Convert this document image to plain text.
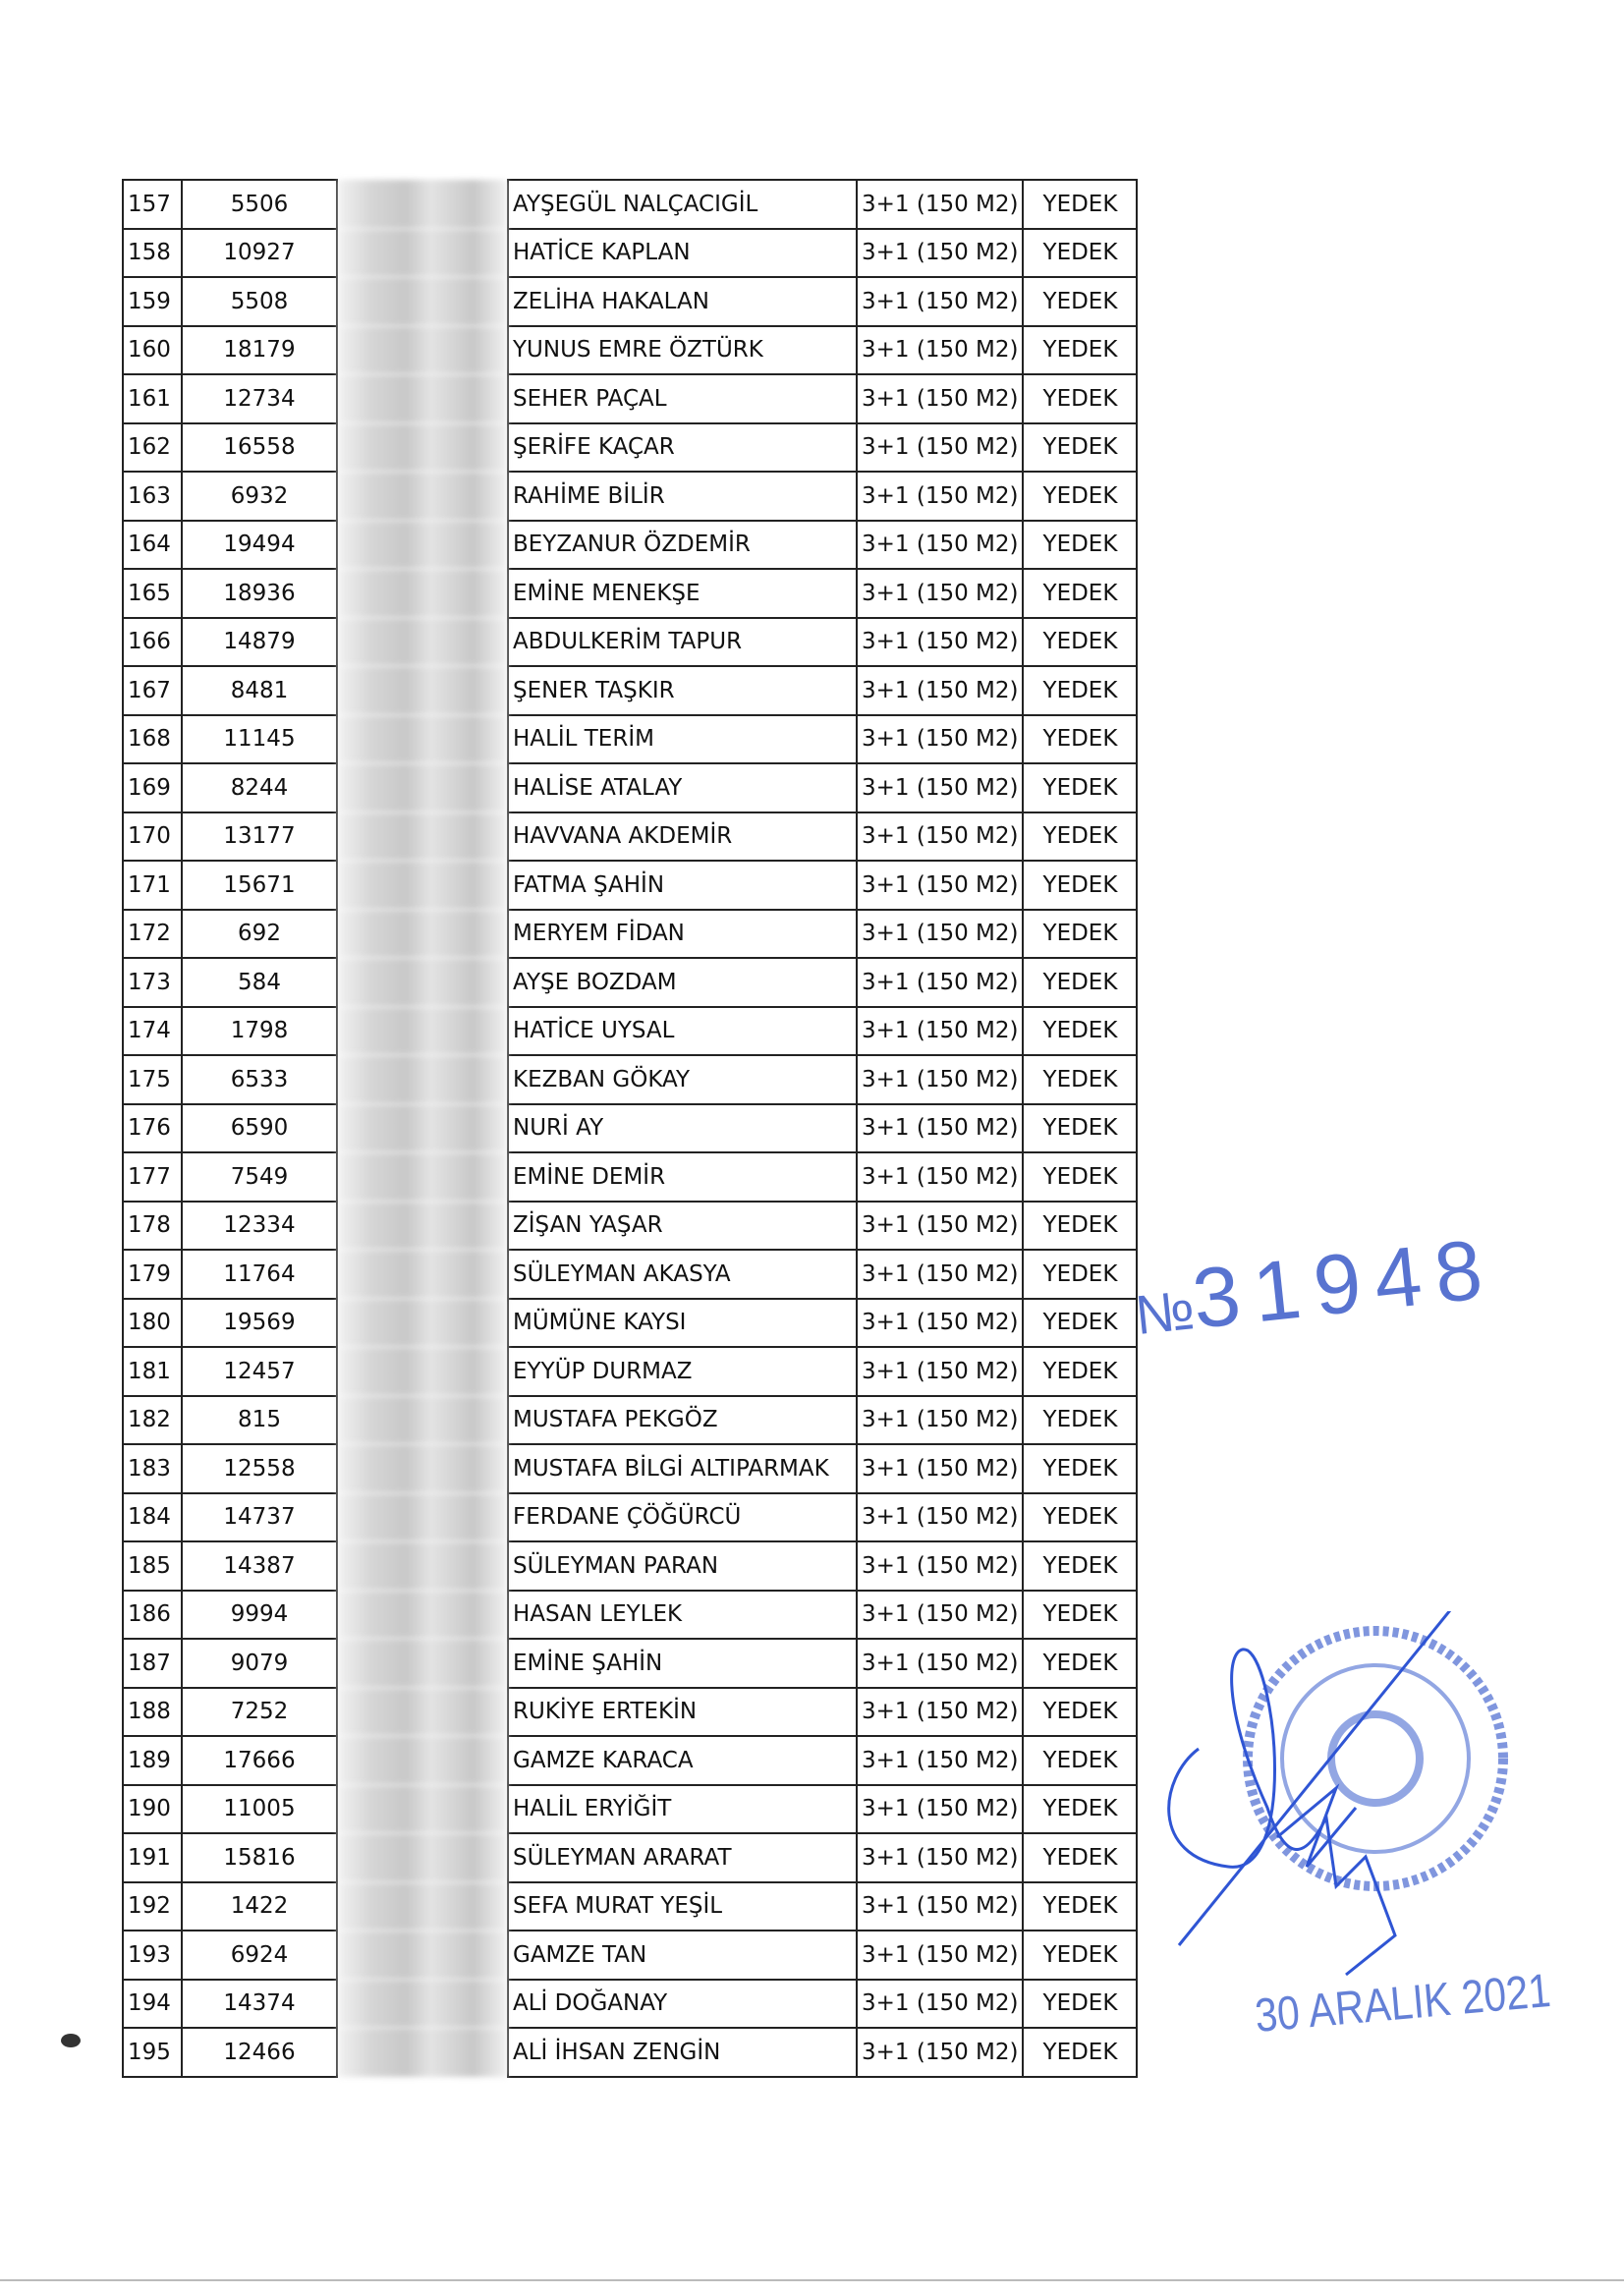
157	5506		AYŞEGÜL NALÇACIGİL	3+1 (150 M2)	YEDEK
158	10927		HATİCE KAPLAN	3+1 (150 M2)	YEDEK
159	5508		ZELİHA HAKALAN	3+1 (150 M2)	YEDEK
160	18179		YUNUS EMRE ÖZTÜRK	3+1 (150 M2)	YEDEK
161	12734		SEHER PAÇAL	3+1 (150 M2)	YEDEK
162	16558		ŞERİFE KAÇAR	3+1 (150 M2)	YEDEK
163	6932		RAHİME BİLİR	3+1 (150 M2)	YEDEK
164	19494		BEYZANUR ÖZDEMİR	3+1 (150 M2)	YEDEK
165	18936		EMİNE MENEKŞE	3+1 (150 M2)	YEDEK
166	14879		ABDULKERİM TAPUR	3+1 (150 M2)	YEDEK
167	8481		ŞENER TAŞKIR	3+1 (150 M2)	YEDEK
168	11145		HALİL TERİM	3+1 (150 M2)	YEDEK
169	8244		HALİSE ATALAY	3+1 (150 M2)	YEDEK
170	13177		HAVVANA AKDEMİR	3+1 (150 M2)	YEDEK
171	15671		FATMA ŞAHİN	3+1 (150 M2)	YEDEK
172	692		MERYEM FİDAN	3+1 (150 M2)	YEDEK
173	584		AYŞE BOZDAM	3+1 (150 M2)	YEDEK
174	1798		HATİCE UYSAL	3+1 (150 M2)	YEDEK
175	6533		KEZBAN GÖKAY	3+1 (150 M2)	YEDEK
176	6590		NURİ AY	3+1 (150 M2)	YEDEK
177	7549		EMİNE DEMİR	3+1 (150 M2)	YEDEK
178	12334		ZİŞAN YAŞAR	3+1 (150 M2)	YEDEK
179	11764		SÜLEYMAN AKASYA	3+1 (150 M2)	YEDEK
180	19569		MÜMÜNE KAYSI	3+1 (150 M2)	YEDEK
181	12457		EYYÜP DURMAZ	3+1 (150 M2)	YEDEK
182	815		MUSTAFA PEKGÖZ	3+1 (150 M2)	YEDEK
183	12558		MUSTAFA BİLGİ ALTIPARMAK	3+1 (150 M2)	YEDEK
184	14737		FERDANE ÇÖĞÜRCÜ	3+1 (150 M2)	YEDEK
185	14387		SÜLEYMAN PARAN	3+1 (150 M2)	YEDEK
186	9994		HASAN LEYLEK	3+1 (150 M2)	YEDEK
187	9079		EMİNE ŞAHİN	3+1 (150 M2)	YEDEK
188	7252		RUKİYE ERTEKİN	3+1 (150 M2)	YEDEK
189	17666		GAMZE KARACA	3+1 (150 M2)	YEDEK
190	11005		HALİL ERYİĞİT	3+1 (150 M2)	YEDEK
191	15816		SÜLEYMAN ARARAT	3+1 (150 M2)	YEDEK
192	1422		SEFA MURAT YEŞİL	3+1 (150 M2)	YEDEK
193	6924		GAMZE TAN	3+1 (150 M2)	YEDEK
194	14374		ALİ DOĞANAY	3+1 (150 M2)	YEDEK
195	12466		ALİ İHSAN ZENGİN	3+1 (150 M2)	YEDEK
№31948
30 ARALIK 2021
